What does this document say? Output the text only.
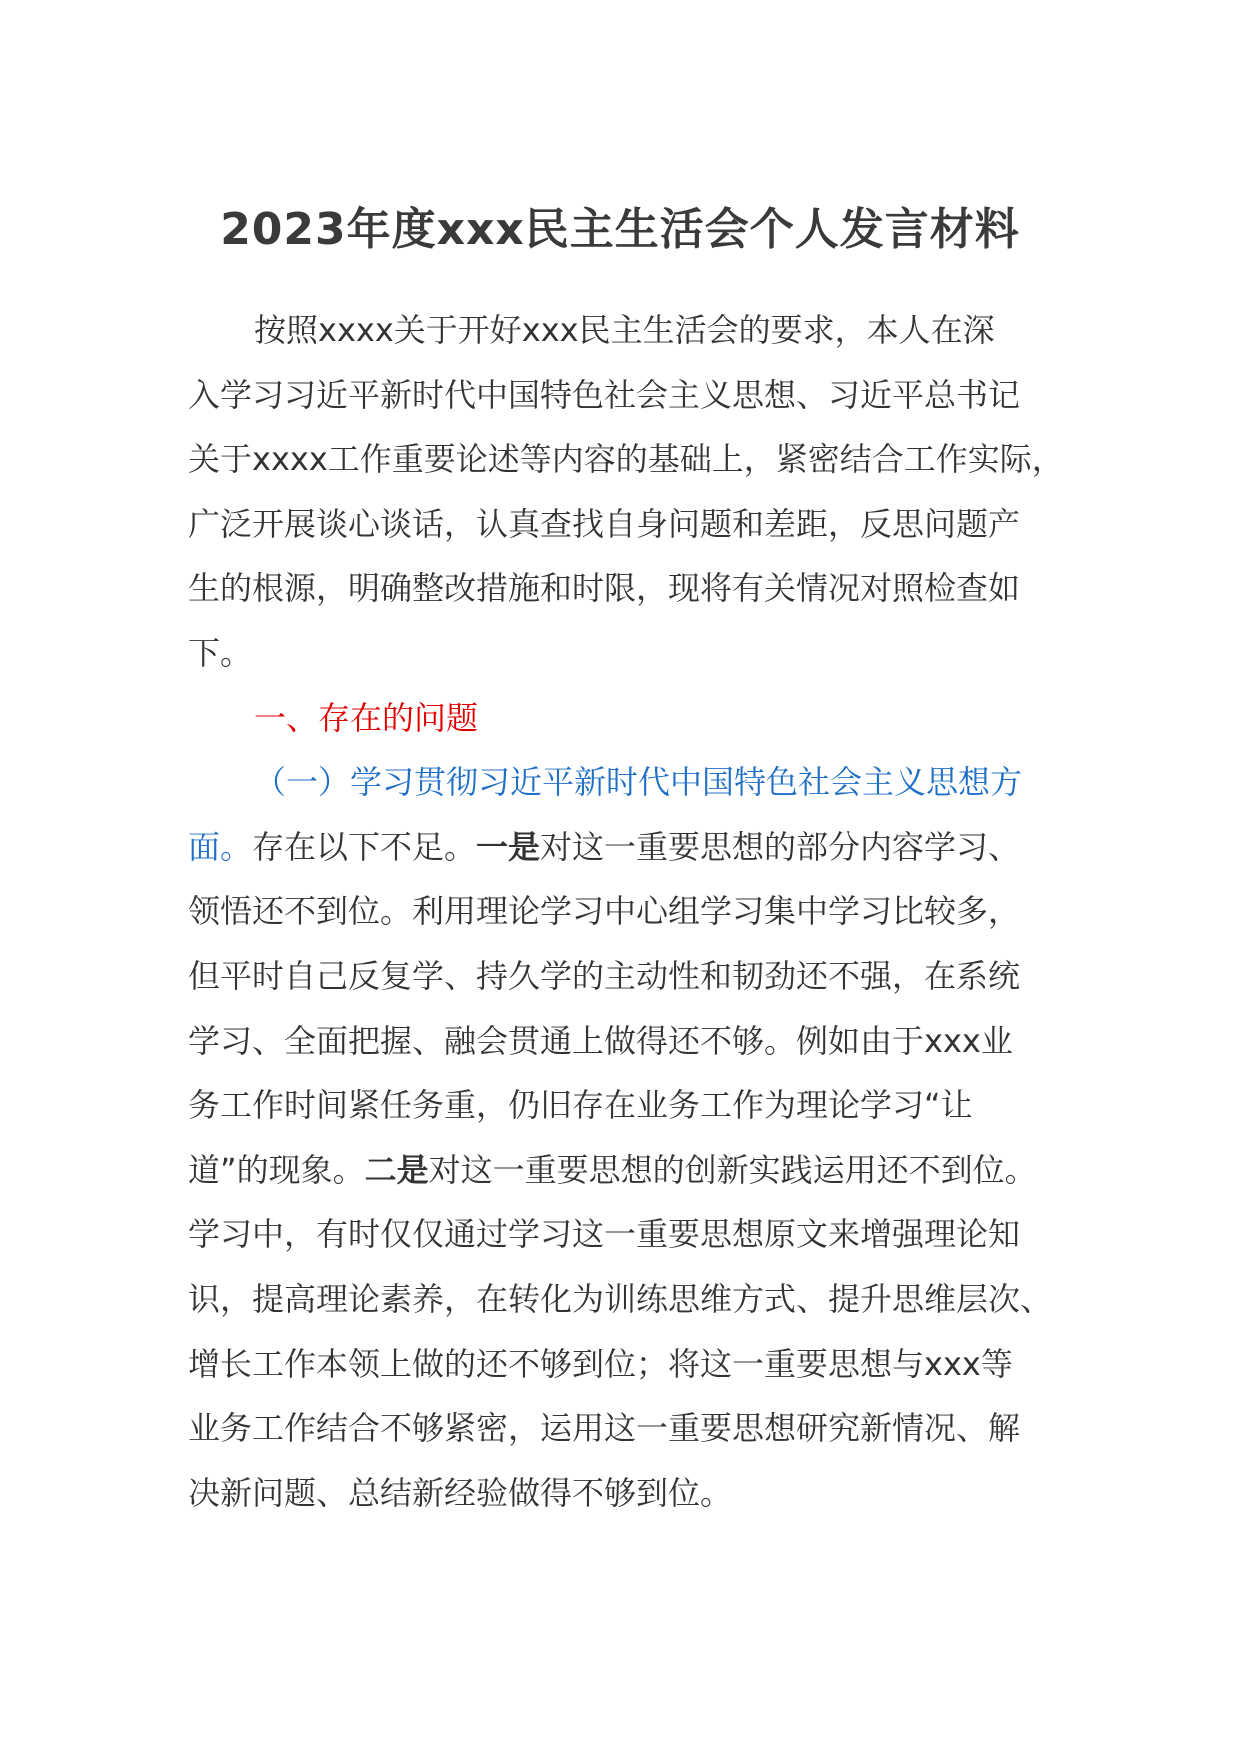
2023年度xxx民主生活会个人发言材料
按照xxxx关于开好xxx民主生活会的要求，本人在深
入学习习近平新时代中国特色社会主义思想、习近平总书记
关于xxxx工作重要论述等内容的基础上，紧密结合工作实际，
广泛开展谈心谈话，认真查找自身问题和差距，反思问题产
生的根源，明确整改措施和时限，现将有关情况对照检查如
下。
一、存在的问题
（一）学习贯彻习近平新时代中国特色社会主义思想方
面。存在以下不足。一是对这一重要思想的部分内容学习、
领悟还不到位。利用理论学习中心组学习集中学习比较多，
但平时自己反复学、持久学的主动性和韧劲还不强，在系统
学习、全面把握、融会贯通上做得还不够。例如由于xxx业
务工作时间紧任务重，仍旧存在业务工作为理论学习“让
道”的现象。二是对这一重要思想的创新实践运用还不到位。
学习中，有时仅仅通过学习这一重要思想原文来增强理论知
识，提高理论素养，在转化为训练思维方式、提升思维层次、
增长工作本领上做的还不够到位；将这一重要思想与xxx等
业务工作结合不够紧密，运用这一重要思想研究新情况、解
决新问题、总结新经验做得不够到位。
